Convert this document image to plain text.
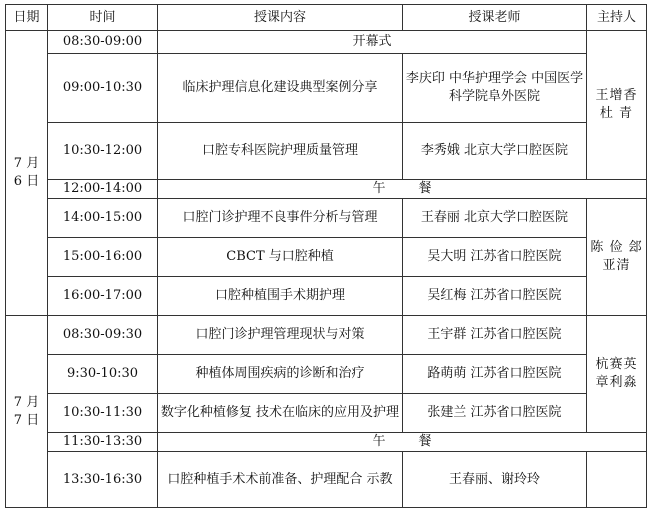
日期	时间	授课内容	授课老师	主持人
7 月 6 日	08:30-09:00	开幕式		王增香 杜 青
	09:00-10:30	临床护理信息化建设典型案例分享	李庆印 中华护理学会 中国医学科学院阜外医院	
	10:30-12:00	口腔专科医院护理质量管理	李秀娥 北京大学口腔医院	
	12:00-14:00	午        餐		
	14:00-15:00	口腔门诊护理不良事件分析与管理	王春丽 北京大学口腔医院	陈 俭 郐亚清
	15:00-16:00	CBCT 与口腔种植	吴大明 江苏省口腔医院	
	16:00-17:00	口腔种植围手术期护理	吴红梅 江苏省口腔医院	
7 月 7 日	08:30-09:30	口腔门诊护理管理现状与对策	王宇群 江苏省口腔医院	杭赛英 章利淼
	9:30-10:30	种植体周围疾病的诊断和治疗	路萌萌 江苏省口腔医院	
	10:30-11:30	数字化种植修复 技术在临床的应用及护理	张建兰 江苏省口腔医院	
	11:30-13:30	午        餐		
	13:30-16:30	口腔种植手术术前准备、护理配合 示教	王春丽、谢玲玲	
